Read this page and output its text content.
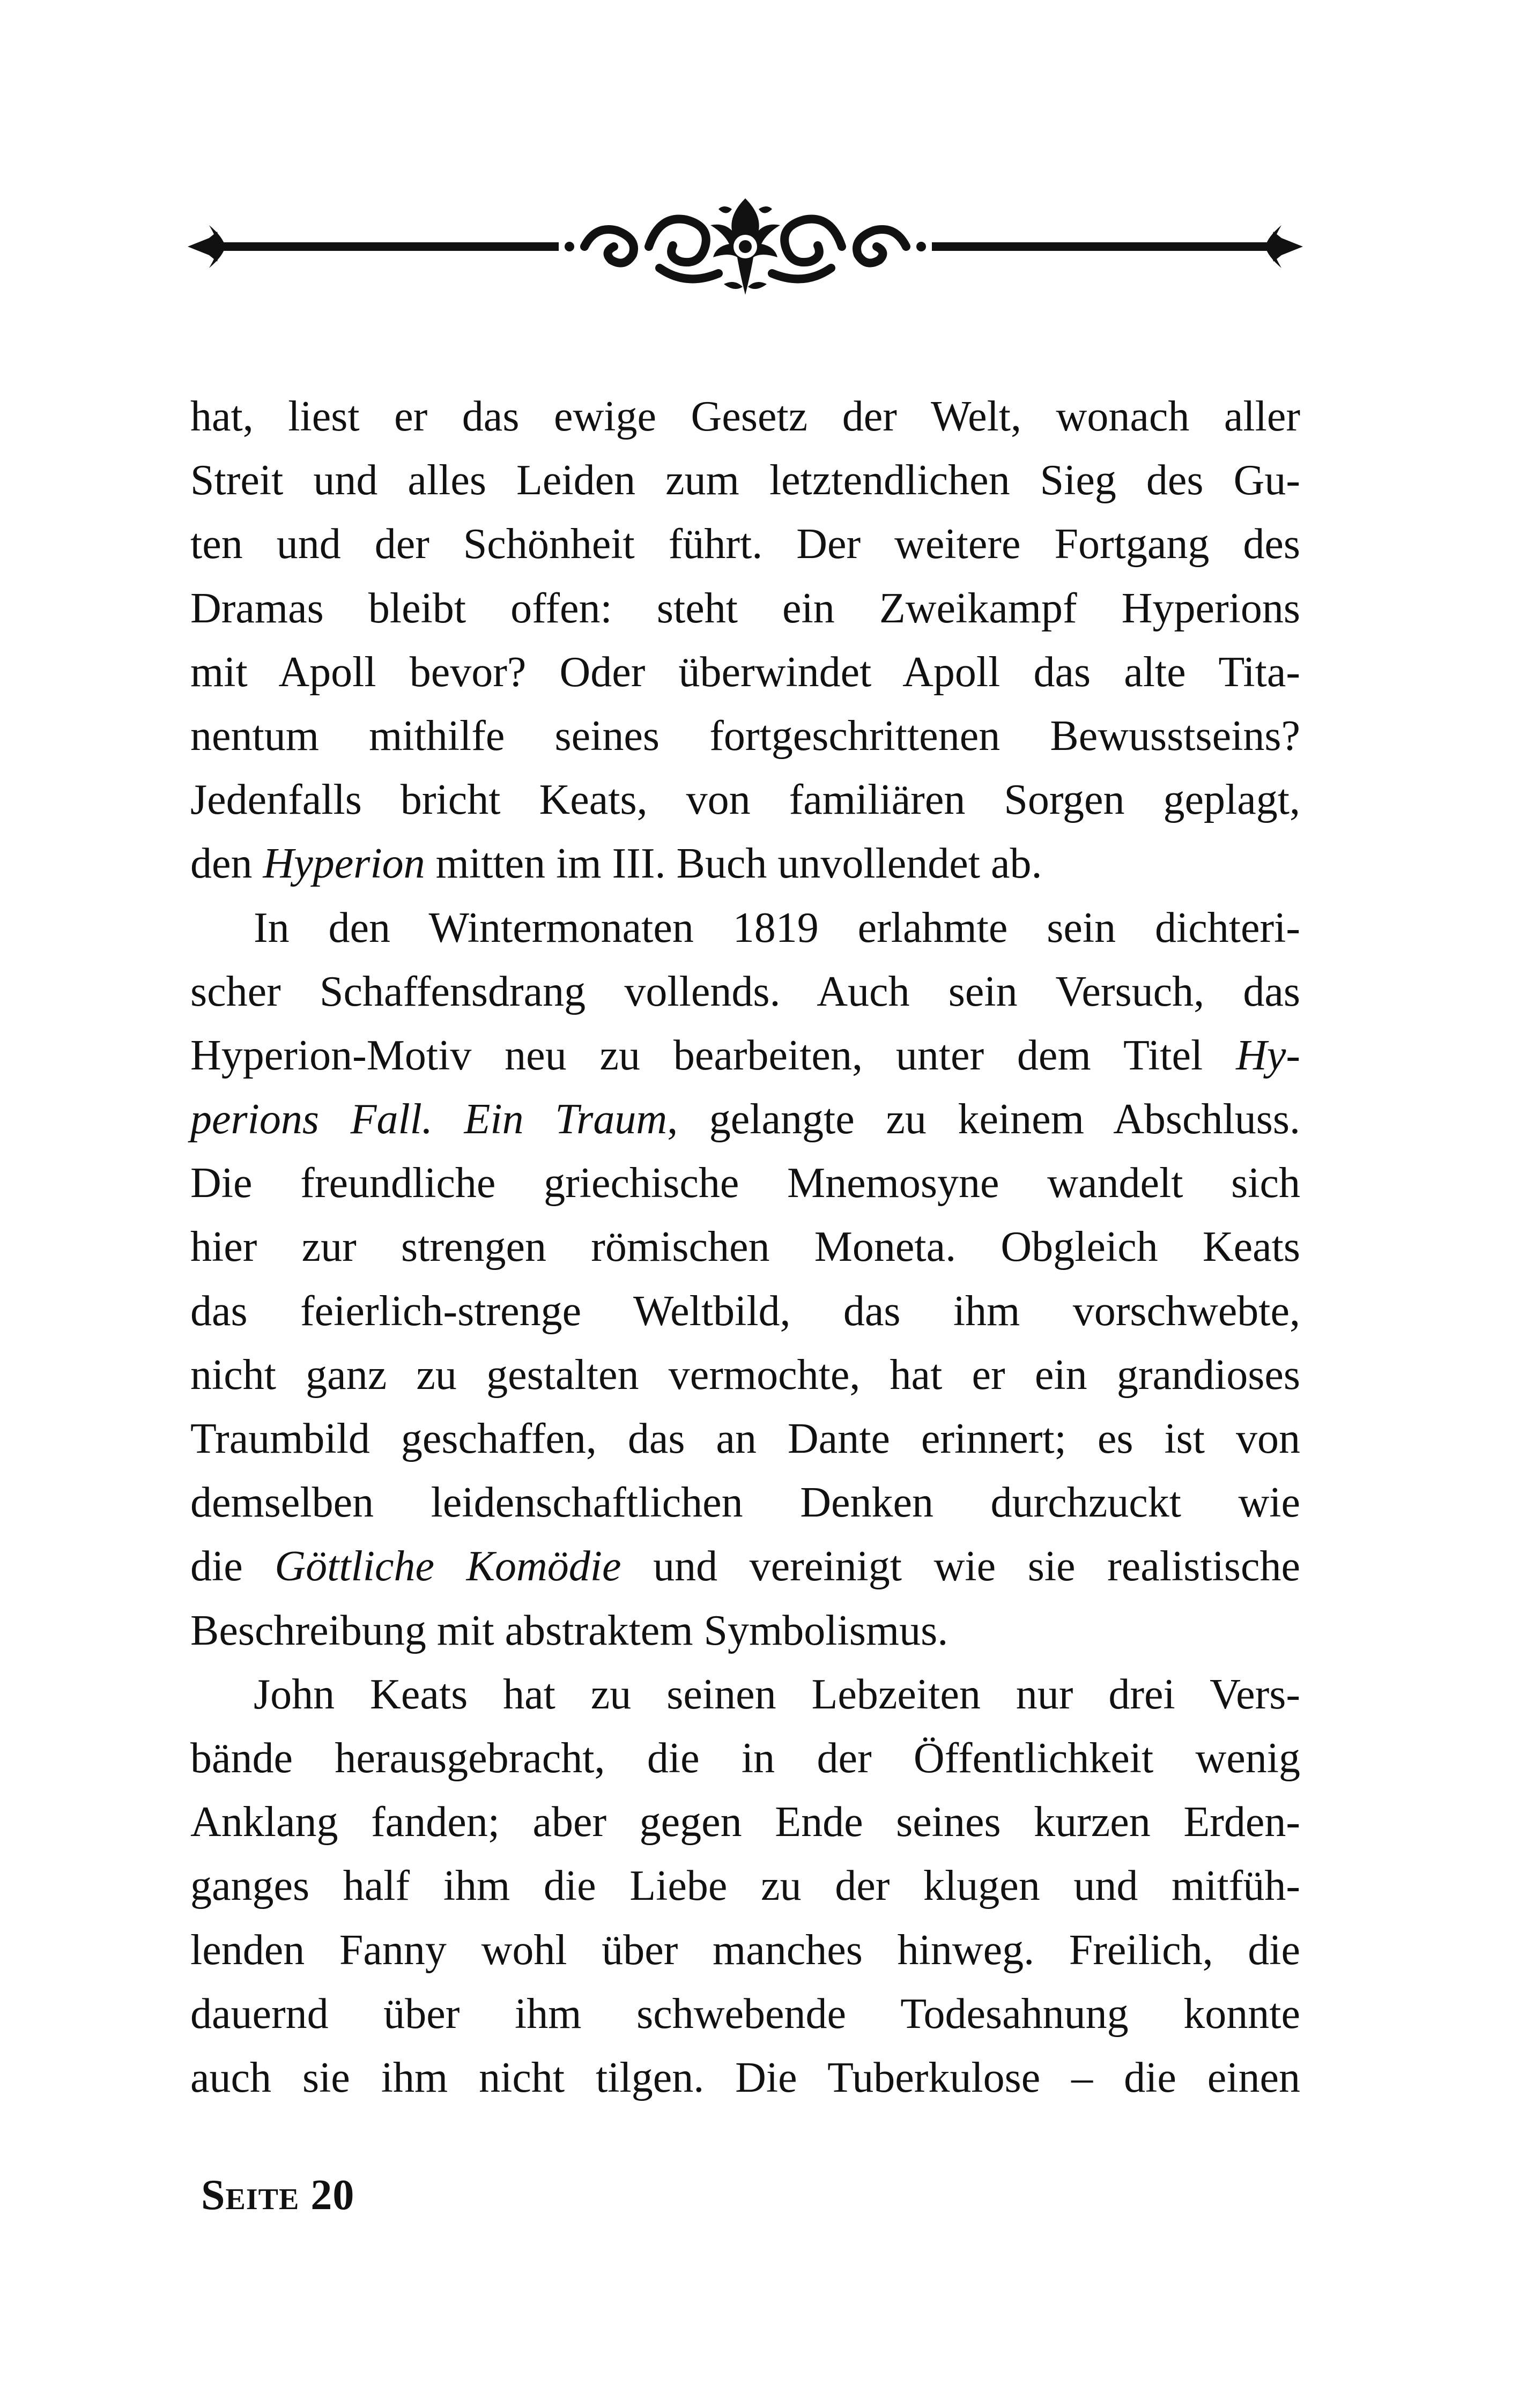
hat, liest er das ewige Gesetz der Welt, wonach aller
Streit und alles Leiden zum letztendlichen Sieg des Gu-
ten und der Schönheit führt. Der weitere Fortgang des
Dramas bleibt offen: steht ein Zweikampf Hyperions
mit Apoll bevor? Oder überwindet Apoll das alte Tita-
nentum mithilfe seines fortgeschrittenen Bewusstseins?
Jedenfalls bricht Keats, von familiären Sorgen geplagt,
den Hyperion mitten im III. Buch unvollendet ab.
In den Wintermonaten 1819 erlahmte sein dichteri-
scher Schaffensdrang vollends. Auch sein Versuch, das
Hyperion-Motiv neu zu bearbeiten, unter dem Titel Hy-
perions Fall. Ein Traum, gelangte zu keinem Abschluss.
Die freundliche griechische Mnemosyne wandelt sich
hier zur strengen römischen Moneta. Obgleich Keats
das feierlich-strenge Weltbild, das ihm vorschwebte,
nicht ganz zu gestalten vermochte, hat er ein grandioses
Traumbild geschaffen, das an Dante erinnert; es ist von
demselben leidenschaftlichen Denken durchzuckt wie
die Göttliche Komödie und vereinigt wie sie realistische
Beschreibung mit abstraktem Symbolismus.
John Keats hat zu seinen Lebzeiten nur drei Vers-
bände herausgebracht, die in der Öffentlichkeit wenig
Anklang fanden; aber gegen Ende seines kurzen Erden-
ganges half ihm die Liebe zu der klugen und mitfüh-
lenden Fanny wohl über manches hinweg. Freilich, die
dauernd über ihm schwebende Todesahnung konnte
auch sie ihm nicht tilgen. Die Tuberkulose – die einen
Seite 20
